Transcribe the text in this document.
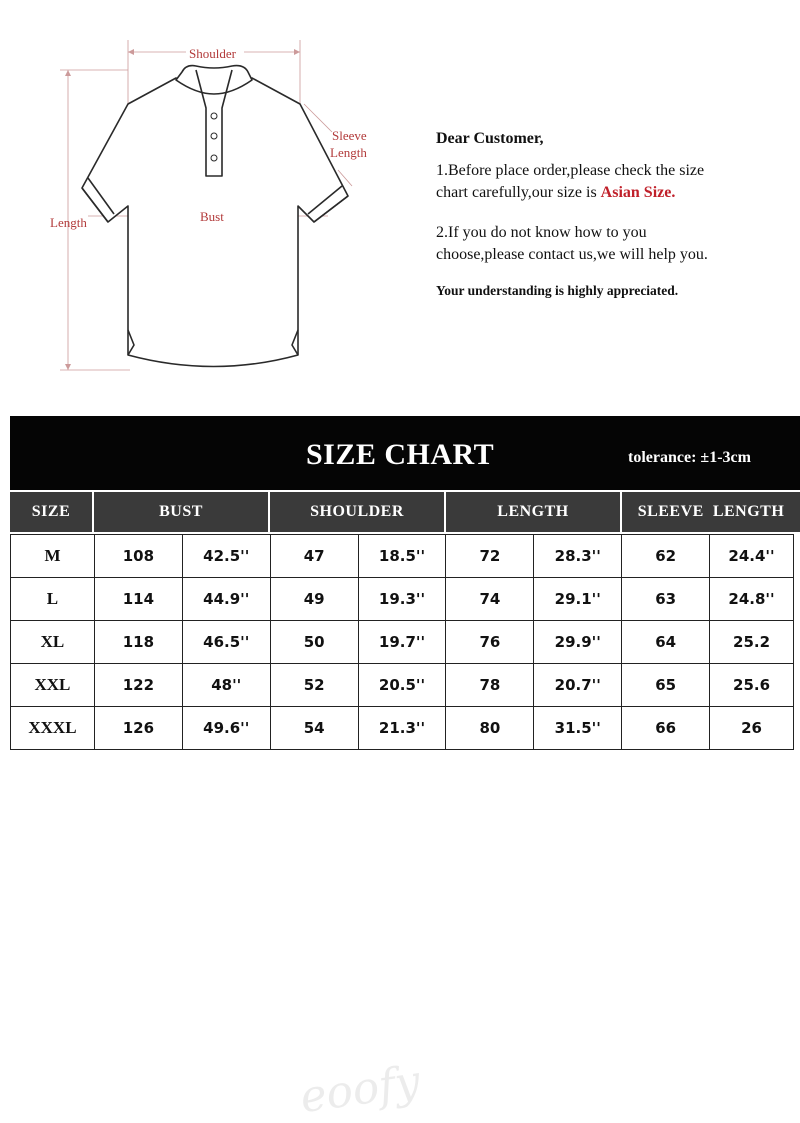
Shoulder
Sleeve
Length
Length	Bust

Dear Customer,

1.Before place order,please check the size

chart carefully,our size is Asian Size.

2.If you do not know how to you

choose,please contact us,we will help you.

Your understanding is highly appreciated.

SIZE CHART	tolerance: ±1-3cm
SIZE	BUST	SHOULDER	LENGTH	SLEEVE  LENGTH
M	108	42.5''	47	18.5''	72	28.3''	62	24.4''
L	114	44.9''	49	19.3''	74	29.1''	63	24.8''
XL	118	46.5''	50	19.7''	76	29.9''	64	25.2
XXL	122	48''	52	20.5''	78	20.7''	65	25.6
XXXL	126	49.6''	54	21.3''	80	31.5''	66	26
eoofy
